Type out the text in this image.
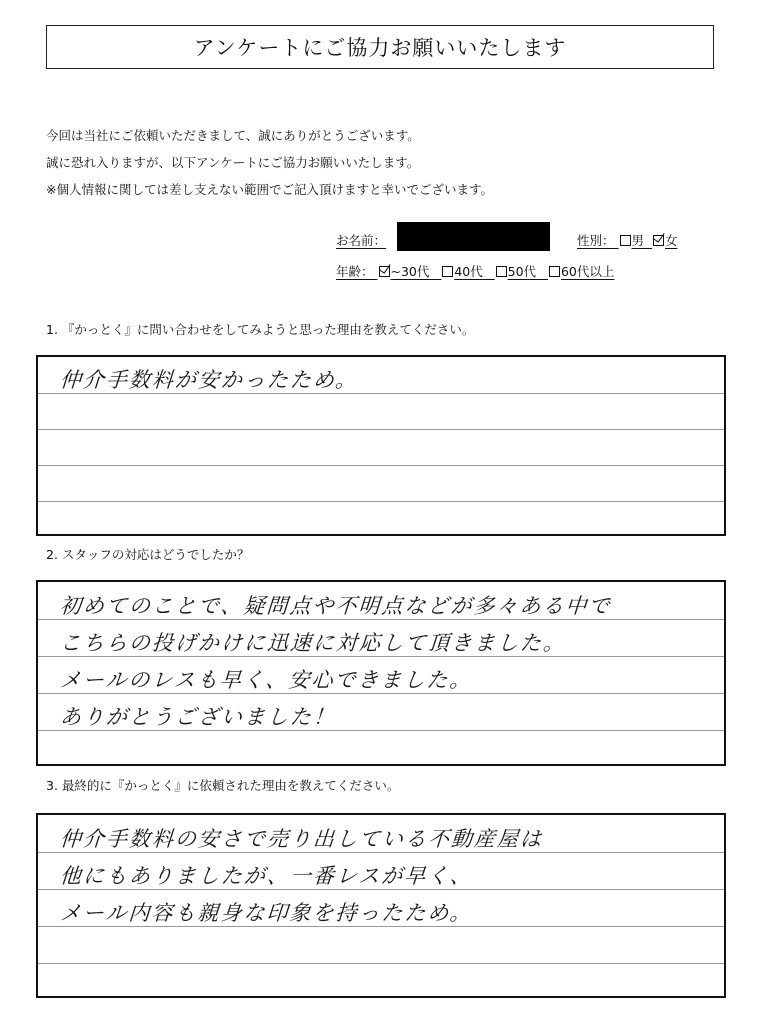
アンケートにご協力お願いいたします
今回は当社にご依頼いただきまして、誠にありがとうございます。
誠に恐れ入りますが、以下アンケートにご協力お願いいたします。
※個人情報に関しては差し支えない範囲でご記入頂けますと幸いでございます。
お名前：	性別： 男 女
年齢： ~30代 40代 50代 60代以上
1. 『かっとく』に問い合わせをしてみようと思った理由を教えてください。
仲介手数料が安かったため。
2. スタッフの対応はどうでしたか？
初めてのことで、疑問点や不明点などが多々ある中で
こちらの投げかけに迅速に対応して頂きました。
メールのレスも早く、安心できました。
ありがとうございました！
3. 最終的に『かっとく』に依頼された理由を教えてください。
仲介手数料の安さで売り出している不動産屋は
他にもありましたが、一番レスが早く、
メール内容も親身な印象を持ったため。
